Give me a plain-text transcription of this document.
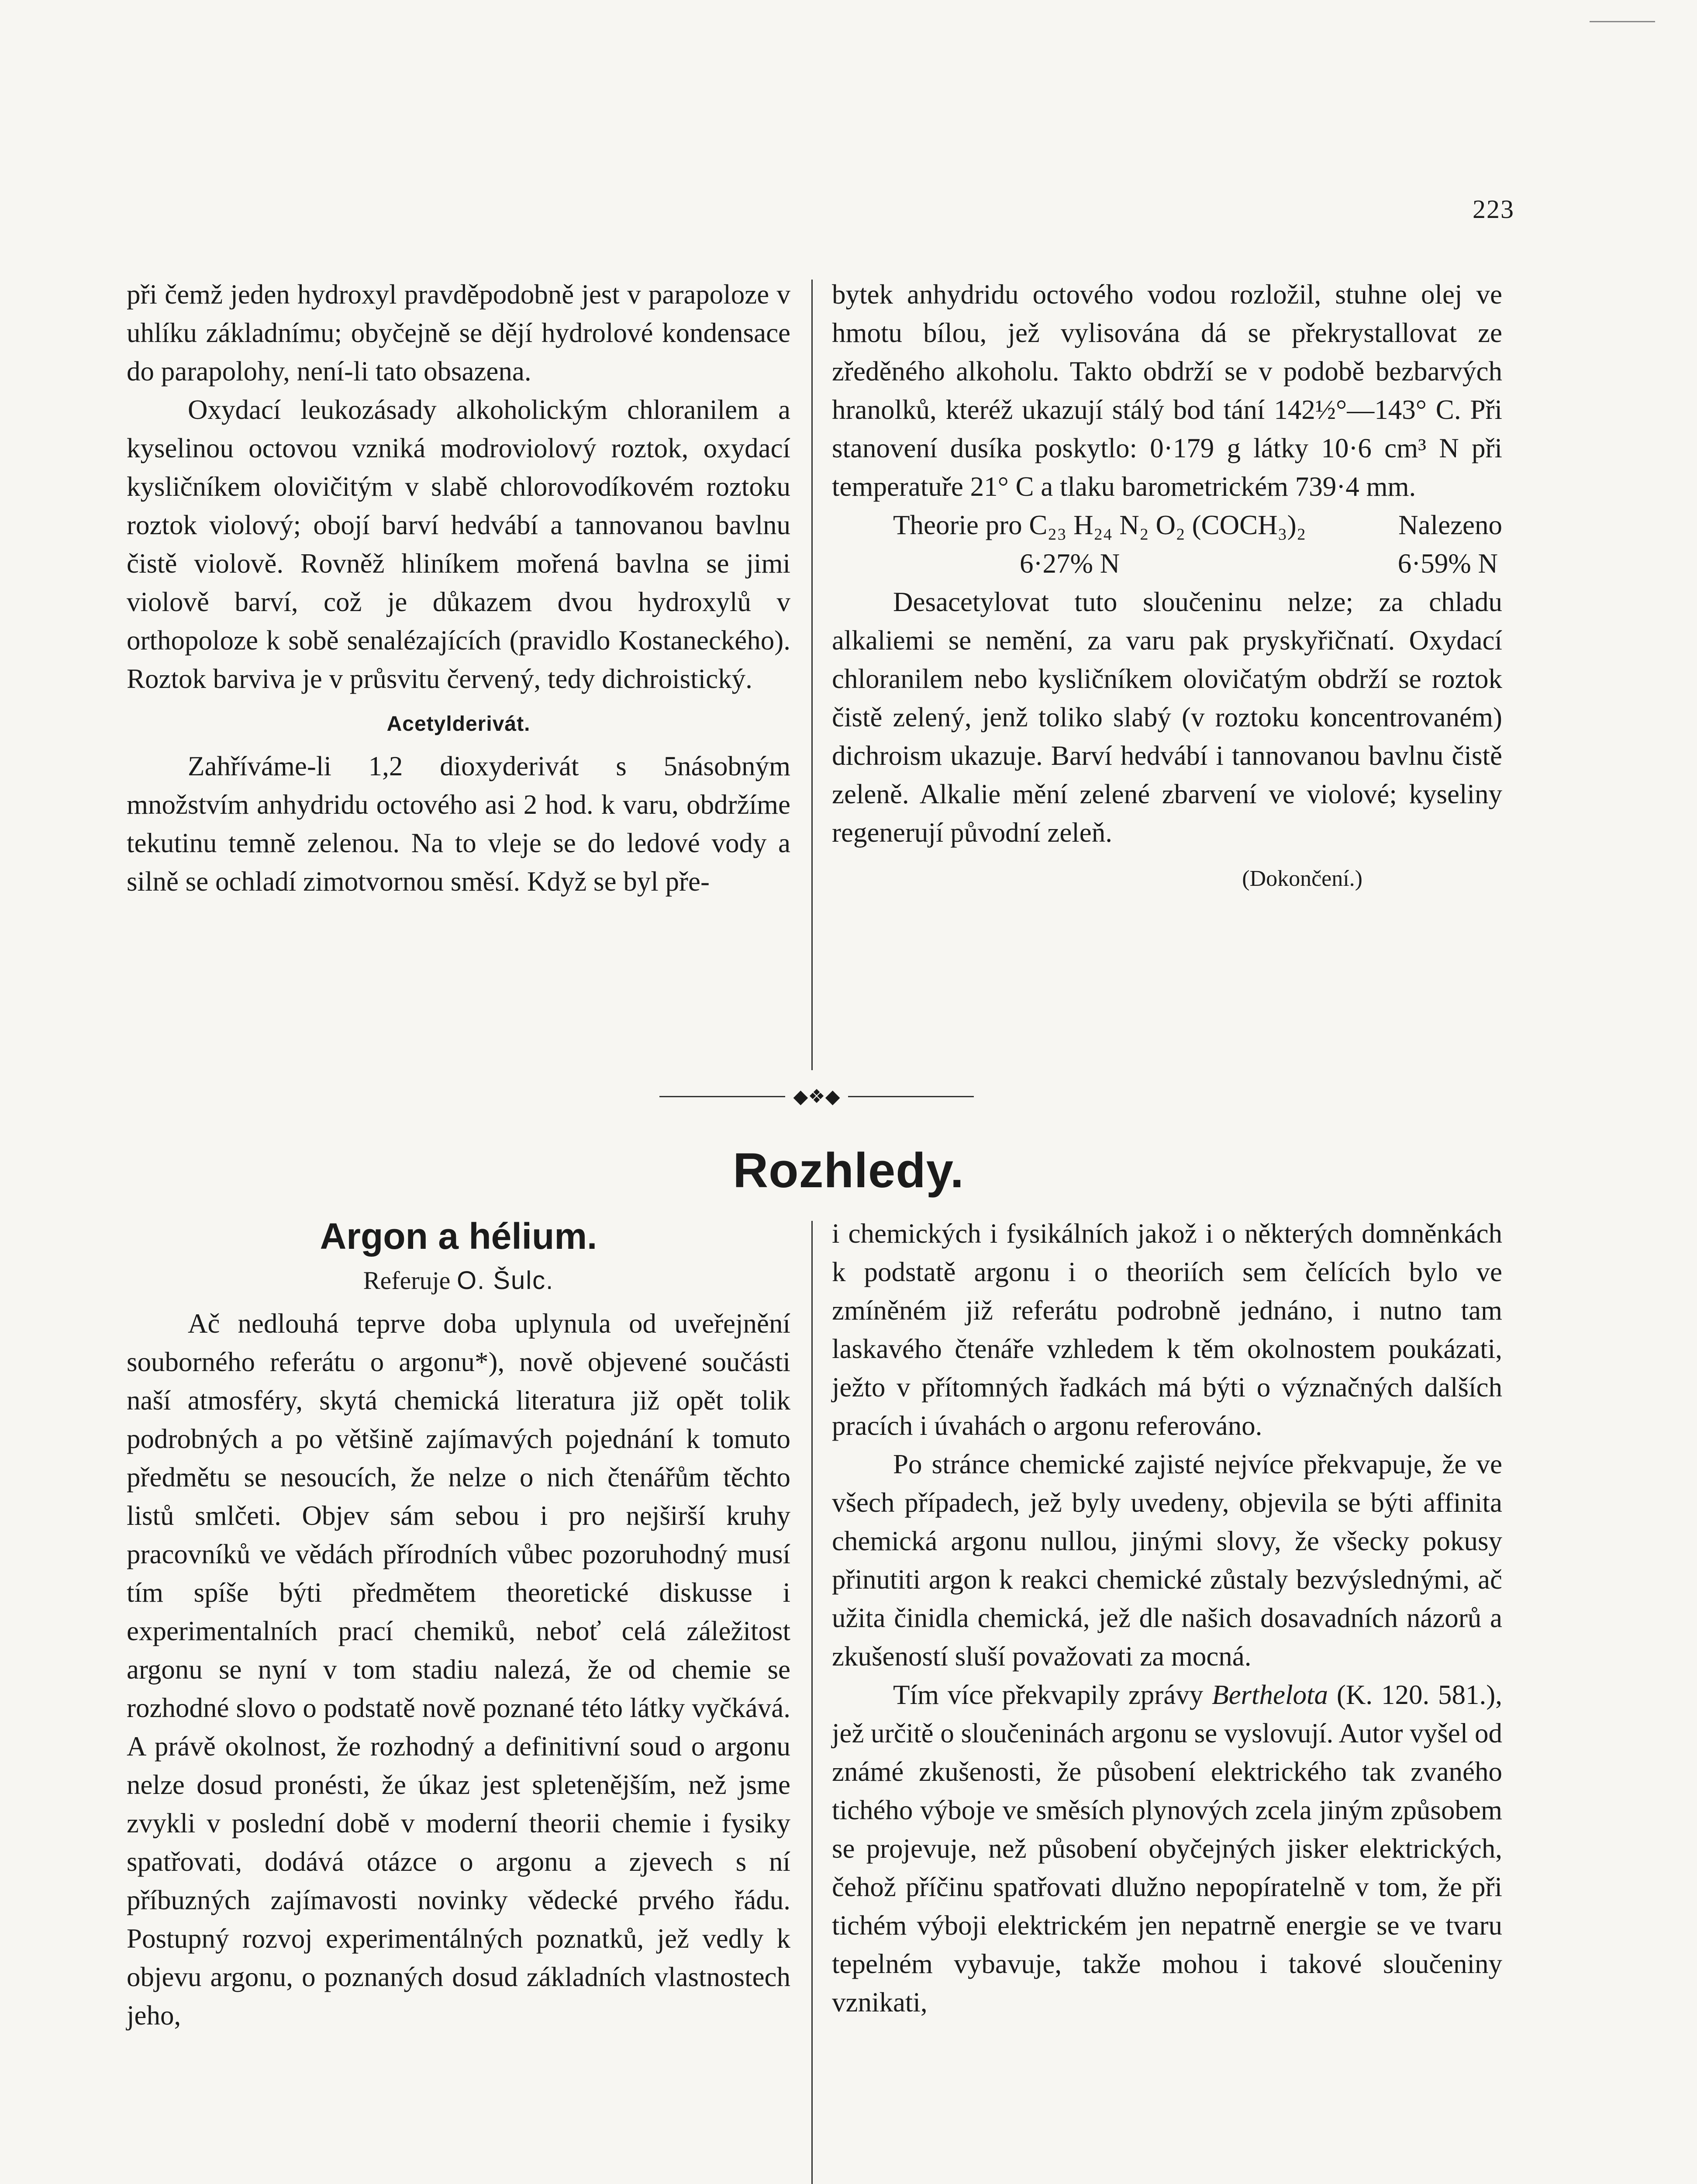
223

při čemž jeden hydroxyl pravděpodobně jest v parapoloze v uhlíku základnímu; obyčejně se dějí hydrolové kondensace do parapolohy, není-li tato obsazena.

Oxydací leukozásady alkoholickým chloranilem a kyselinou octovou vzniká modroviolový roztok, oxydací kysličníkem olovičitým v slabě chlorovodíkovém roztoku roztok violový; obojí barví hedvábí a tannovanou bavlnu čistě violově. Rovněž hliníkem mořená bavlna se jimi violově barví, což je důkazem dvou hydroxylů v orthopoloze k sobě senalézajících (pravidlo Kostaneckého). Roztok barviva je v průsvitu červený, tedy dichroistický.

Acetylderivát.

Zahříváme-li 1,2 dioxyderivát s 5násobným množstvím anhydridu octového asi 2 hod. k varu, obdržíme tekutinu temně zelenou. Na to vleje se do ledové vody a silně se ochladí zimotvornou směsí. Když se byl pře-

bytek anhydridu octového vodou rozložil, stuhne olej ve hmotu bílou, jež vylisována dá se překrystallovat ze zředěného alkoholu. Takto obdrží se v podobě bezbarvých hranolků, kteréž ukazují stálý bod tání 142½°—143° C. Při stanovení dusíka poskytlo: 0·179 g látky 10·6 cm³ N při temperatuře 21° C a tlaku barometrickém 739·4 mm.

Theorie pro C₂₃ H₂₄ N₂ O₂ (COCH₃)₂	Nalezeno

6·27% N	6·59% N

Desacetylovat tuto sloučeninu nelze; za chladu alkaliemi se nemění, za varu pak pryskyřičnatí. Oxydací chloranilem nebo kysličníkem olovičatým obdrží se roztok čistě zelený, jenž toliko slabý (v roztoku koncentrovaném) dichroism ukazuje. Barví hedvábí i tannovanou bavlnu čistě zeleně. Alkalie mění zelené zbarvení ve violové; kyseliny regenerují původní zeleň.

(Dokončení.)

◆❖◆
Rozhledy.

Argon a hélium.

Referuje O. Šulc.

Ač nedlouhá teprve doba uplynula od uveřejnění souborného referátu o argonu*), nově objevené součásti naší atmosféry, skytá chemická literatura již opět tolik podrobných a po většině zajímavých pojednání k tomuto předmětu se nesoucích, že nelze o nich čtenářům těchto listů smlčeti. Objev sám sebou i pro nejširší kruhy pracovníků ve vědách přírodních vůbec pozoruhodný musí tím spíše býti předmětem theoretické diskusse i experimentalních prací chemiků, neboť celá záležitost argonu se nyní v tom stadiu nalezá, že od chemie se rozhodné slovo o podstatě nově poznané této látky vyčkává. A právě okolnost, že rozhodný a definitivní soud o argonu nelze dosud pronésti, že úkaz jest spletenějším, než jsme zvykli v poslední době v moderní theorii chemie i fysiky spatřovati, dodává otázce o argonu a zjevech s ní příbuzných zajímavosti novinky vědecké prvého řádu. Postupný rozvoj experimentálných poznatků, jež vedly k objevu argonu, o poznaných dosud základních vlastnostech jeho,

i chemických i fysikálních jakož i o některých domněnkách k podstatě argonu i o theoriích sem čelících bylo ve zmíněném již referátu podrobně jednáno, i nutno tam laskavého čtenáře vzhledem k těm okolnostem poukázati, ježto v přítomných řadkách má býti o význačných dalších pracích i úvahách o argonu referováno.

Po stránce chemické zajisté nejvíce překvapuje, že ve všech případech, jež byly uvedeny, objevila se býti affinita chemická argonu nullou, jinými slovy, že všecky pokusy přinutiti argon k reakci chemické zůstaly bezvýslednými, ač užita činidla chemická, jež dle našich dosavadních názorů a zkušeností sluší považovati za mocná.

Tím více překvapily zprávy Berthelota (K. 120. 581.), jež určitě o sloučeninách argonu se vyslovují. Autor vyšel od známé zkušenosti, že působení elektrického tak zvaného tichého výboje ve směsích plynových zcela jiným způsobem se projevuje, než působení obyčejných jisker elektrických, čehož příčinu spatřovati dlužno nepopíratelně v tom, že při tichém výboji elektrickém jen nepatrně energie se ve tvaru tepelném vybavuje, takže mohou i takové sloučeniny vznikati,
